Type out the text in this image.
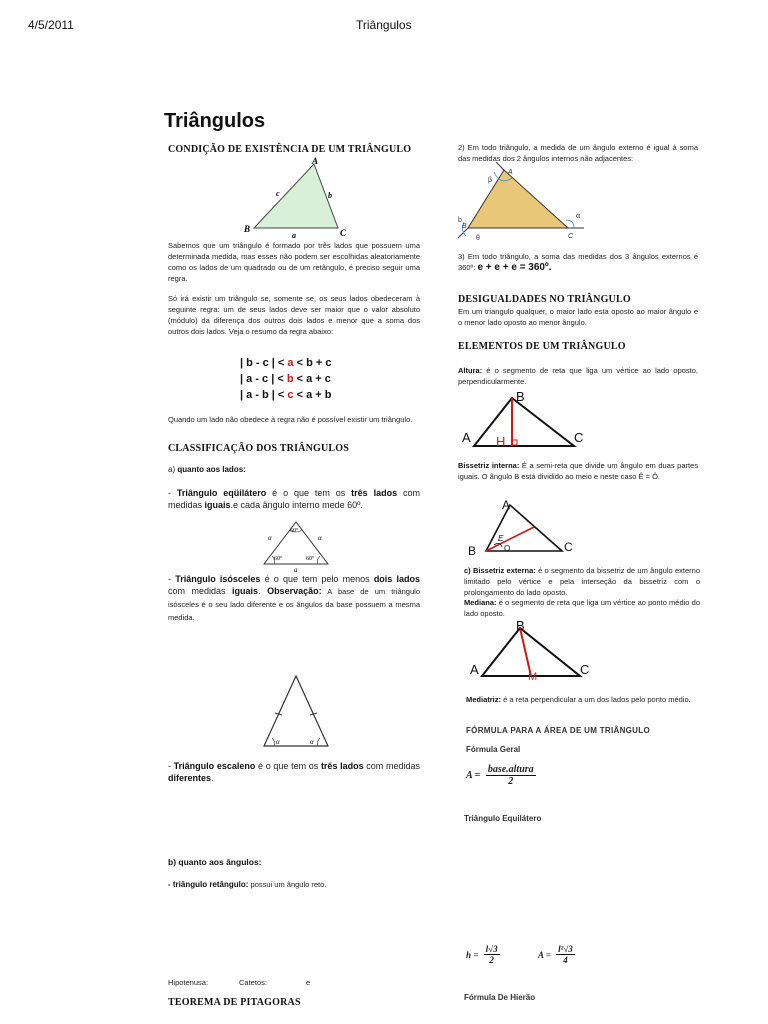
4/5/2011	Triângulos
Triângulos
CONDIÇÃO DE EXISTÊNCIA DE UM TRIÂNGULO
A
B	C
a
b
c
Sabemos que um triângulo é formado por três lados que possuem uma determinada medida, mas esses não podem ser escolhidas aleatoriamente como os lados de um quadrado ou de um retângulo, é preciso seguir uma regra.
Só irá existir um triângulo se, somente se, os seus lados obedeceram à seguinte regra: um de seus lados deve ser maior que o valor absoluto (módulo) da diferença dos outros dois lados e menor que a soma dos outros dois lados. Veja o resumo da regra abaixo:
| b - c | < a < b + c
| a - c | < b < a + c
| a - b | < c < a + b
Quando um lado não obedece à regra não é possível existir um triângulo.
CLASSIFICAÇÃO DOS TRIÂNGULOS
a) quanto aos lados:
- Triângulo eqüilátero é o que tem os três lados com medidas iguais.e cada ângulo interno mede 60º.
60º
60º	60º
α	α
a
- Triângulo isósceles é o que tem pelo menos dois lados com medidas iguais. Observação: A base de um triângulo isósceles é o seu lado diferente e os ângulos da base possuem a mesma medida.
α	α
- Triângulo escaleno é o que tem os três lados com medidas diferentes.
b) quanto aos ângulos:
- triângulo retângulo: possui um ângulo reto.
Hipotenusa:	Catetos:	e
TEOREMA DE PITAGORAS
2) Em todo triângulo, a medida de um ângulo externo é igual à soma das medidas dos 2 ângulos internos não adjacentes:
A
B
C
β
b
θ
α
3) Em todo triângulo, a soma das medidas dos 3 ângulos externos é 360º: e + e + e = 360º.
DESIGUALDADES NO TRIÂNGULO
Em um triangulo qualquer, o maior lado esta oposto ao maior ângulo e o menor lado oposto ao menor ângulo.
ELEMENTOS DE UM TRIÂNGULO
Altura: é o segmento de reta que liga um vértice ao lado oposto, perpendicularmente.
B
A	C
H
Bissetriz interna: É a semi-reta que divide um ângulo em duas partes iguais. O ângulo B está dividido ao meio e neste caso Ê = Ô.
A
B	C
E
O
c) Bissetriz externa: é o segmento da bissetriz de um ângulo externo limitado pelo vértice e pela interseção da bissetriz com o prolongamento do lado oposto.
Mediana: é o segmento de reta que liga um vértice ao ponto médio do lado oposto.
B
A	C
M
Mediatriz: é a reta perpendicular a um dos lados pelo ponto médio.
FÓRMULA PARA A ÁREA DE UM TRIÂNGULO
Fórmula Geral
A =
base.altura
2
Triângulo Equilátero
$h = \frac{l√3}{2}$	$A = \frac{\text{l²√3}}{4}$
Fórmula De Hierão
